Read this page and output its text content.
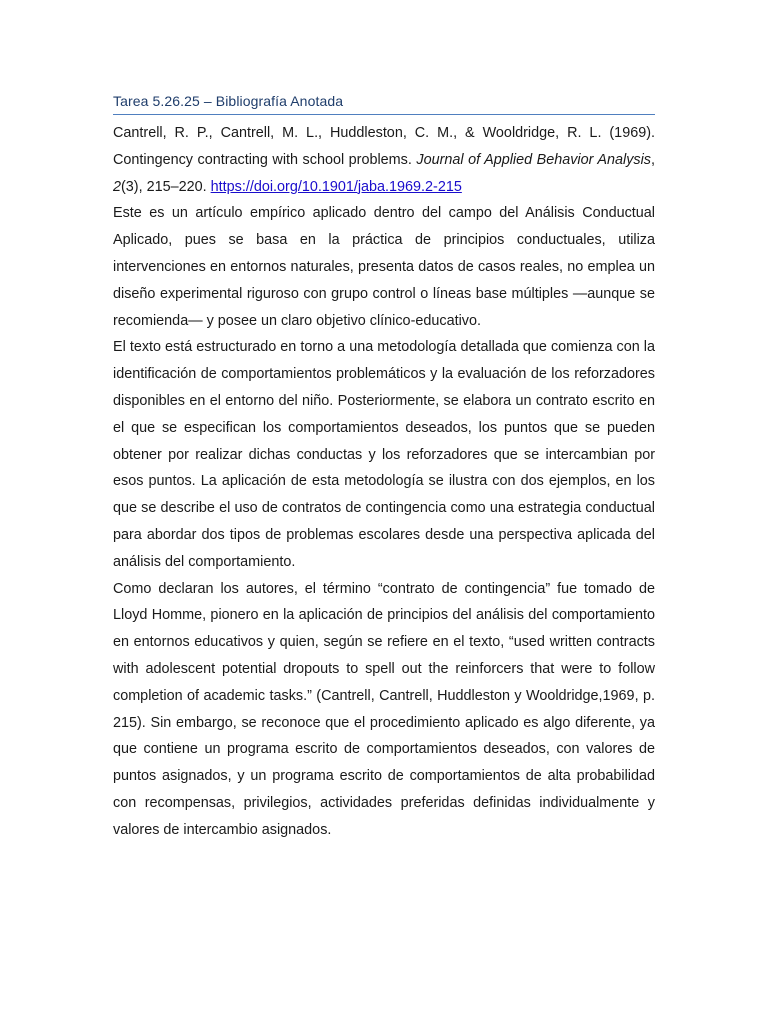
Tarea 5.26.25 – Bibliografía Anotada

Cantrell, R. P., Cantrell, M. L., Huddleston, C. M., & Wooldridge, R. L. (1969). Contingency contracting with school problems. Journal of Applied Behavior Analysis, 2(3), 215–220. https://doi.org/10.1901/jaba.1969.2-215

Este es un artículo empírico aplicado dentro del campo del Análisis Conductual Aplicado, pues se basa en la práctica de principios conductuales, utiliza intervenciones en entornos naturales, presenta datos de casos reales, no emplea un diseño experimental riguroso con grupo control o líneas base múltiples —aunque se recomienda— y posee un claro objetivo clínico-educativo.

El texto está estructurado en torno a una metodología detallada que comienza con la identificación de comportamientos problemáticos y la evaluación de los reforzadores disponibles en el entorno del niño. Posteriormente, se elabora un contrato escrito en el que se especifican los comportamientos deseados, los puntos que se pueden obtener por realizar dichas conductas y los reforzadores que se intercambian por esos puntos. La aplicación de esta metodología se ilustra con dos ejemplos, en los que se describe el uso de contratos de contingencia como una estrategia conductual para abordar dos tipos de problemas escolares desde una perspectiva aplicada del análisis del comportamiento.

Como declaran los autores, el término “contrato de contingencia” fue tomado de Lloyd Homme, pionero en la aplicación de principios del análisis del comportamiento en entornos educativos y quien, según se refiere en el texto, “used written contracts with adolescent potential dropouts to spell out the reinforcers that were to follow completion of academic tasks.” (Cantrell, Cantrell, Huddleston y Wooldridge,1969, p. 215). Sin embargo, se reconoce que el procedimiento aplicado es algo diferente, ya que contiene un programa escrito de comportamientos deseados, con valores de puntos asignados, y un programa escrito de comportamientos de alta probabilidad con recompensas, privilegios, actividades preferidas definidas individualmente y valores de intercambio asignados.
